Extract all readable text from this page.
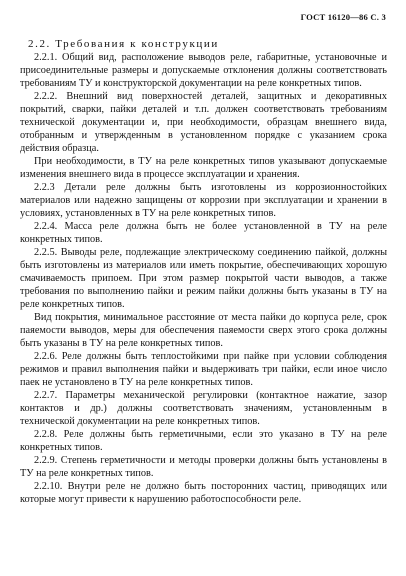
ГОСТ 16120—86 С. 3
2.2. Требования к конструкции

2.2.1. Общий вид, расположение выводов реле, габаритные, установочные и присоединительные размеры и допускаемые отклонения должны соответствовать требованиям ТУ и конструкторской документации на реле конкретных типов.

2.2.2. Внешний вид поверхностей деталей, защитных и декоративных покрытий, сварки, пайки деталей и т.п. должен соответствовать требованиям технической документации и, при необходимости, образцам внешнего вида, отобранным и утвержденным в установленном порядке с указанием срока действия образца.

При необходимости, в ТУ на реле конкретных типов указывают допускаемые изменения внешнего вида в процессе эксплуатации и хранения.

2.2.3 Детали реле должны быть изготовлены из коррозионностойких материалов или надежно защищены от коррозии при эксплуатации и хранении в условиях, установленных в ТУ на реле конкретных типов.

2.2.4. Масса реле должна быть не более установленной в ТУ на реле конкретных типов.

2.2.5. Выводы реле, подлежащие электрическому соединению пайкой, должны быть изготовлены из материалов или иметь покрытие, обеспечивающих хорошую смачиваемость припоем. При этом размер покрытой части выводов, а также требования по выполнению пайки и режим пайки должны быть указаны в ТУ на реле конкретных типов.

Вид покрытия, минимальное расстояние от места пайки до корпуса реле, срок паяемости выводов, меры для обеспечения паяемости сверх этого срока должны быть указаны в ТУ на реле конкретных типов.

2.2.6. Реле должны быть теплостойкими при пайке при условии соблюдения режимов и правил выполнения пайки и выдерживать три пайки, если иное число паек не установлено в ТУ на реле конкретных типов.

2.2.7. Параметры механической регулировки (контактное нажатие, зазор контактов и др.) должны соответствовать значениям, установленным в технической документации на реле конкретных типов.

2.2.8. Реле должны быть герметичными, если это указано в ТУ на реле конкретных типов.

2.2.9. Степень герметичности и методы проверки должны быть установлены в ТУ на реле конкретных типов.

2.2.10. Внутри реле не должно быть посторонних частиц, приводящих или которые могут привести к нарушению работоспособности реле.
